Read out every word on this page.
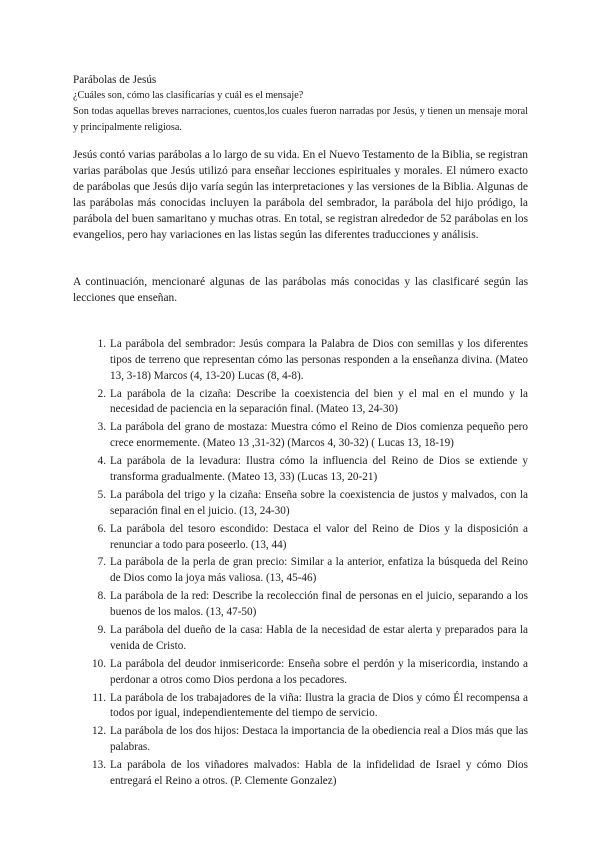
Parábolas de Jesús
¿Cuáles son, cómo las clasificarías y cuál es el mensaje?
Son todas aquellas breves narraciones, cuentos,los cuales fueron narradas por Jesús, y tienen un mensaje moral y principalmente religiosa.
Jesús contó varias parábolas a lo largo de su vida. En el Nuevo Testamento de la Biblia, se registran varias parábolas que Jesús utilizó para enseñar lecciones espirituales y morales. El número exacto de parábolas que Jesús dijo varía según las interpretaciones y las versiones de la Biblia. Algunas de las parábolas más conocidas incluyen la parábola del sembrador, la parábola del hijo pródigo, la parábola del buen samaritano y muchas otras. En total, se registran alrededor de 52 parábolas en los evangelios, pero hay variaciones en las listas según las diferentes traducciones y análisis.
A continuación, mencionaré algunas de las parábolas más conocidas y las clasificaré según las lecciones que enseñan.
1. La parábola del sembrador: Jesús compara la Palabra de Dios con semillas y los diferentes tipos de terreno que representan cómo las personas responden a la enseñanza divina. (Mateo 13, 3-18) Marcos (4, 13-20) Lucas (8, 4-8).
2. La parábola de la cizaña: Describe la coexistencia del bien y el mal en el mundo y la necesidad de paciencia en la separación final. (Mateo 13, 24-30)
3. La parábola del grano de mostaza: Muestra cómo el Reino de Dios comienza pequeño pero crece enormemente. (Mateo 13 ,31-32) (Marcos 4, 30-32) ( Lucas 13, 18-19)
4. La parábola de la levadura: Ilustra cómo la influencia del Reino de Dios se extiende y transforma gradualmente. (Mateo 13, 33) (Lucas 13, 20-21)
5. La parábola del trigo y la cizaña: Enseña sobre la coexistencia de justos y malvados, con la separación final en el juicio. (13, 24-30)
6. La parábola del tesoro escondido: Destaca el valor del Reino de Dios y la disposición a renunciar a todo para poseerlo. (13, 44)
7. La parábola de la perla de gran precio: Similar a la anterior, enfatiza la búsqueda del Reino de Dios como la joya más valiosa. (13, 45-46)
8. La parábola de la red: Describe la recolección final de personas en el juicio, separando a los buenos de los malos. (13, 47-50)
9. La parábola del dueño de la casa: Habla de la necesidad de estar alerta y preparados para la venida de Cristo.
10. La parábola del deudor inmisericorde: Enseña sobre el perdón y la misericordia, instando a perdonar a otros como Dios perdona a los pecadores.
11. La parábola de los trabajadores de la viña: Ilustra la gracia de Dios y cómo Él recompensa a todos por igual, independientemente del tiempo de servicio.
12. La parábola de los dos hijos: Destaca la importancia de la obediencia real a Dios más que las palabras.
13. La parábola de los viñadores malvados: Habla de la infidelidad de Israel y cómo Dios entregará el Reino a otros. (P. Clemente Gonzalez)
